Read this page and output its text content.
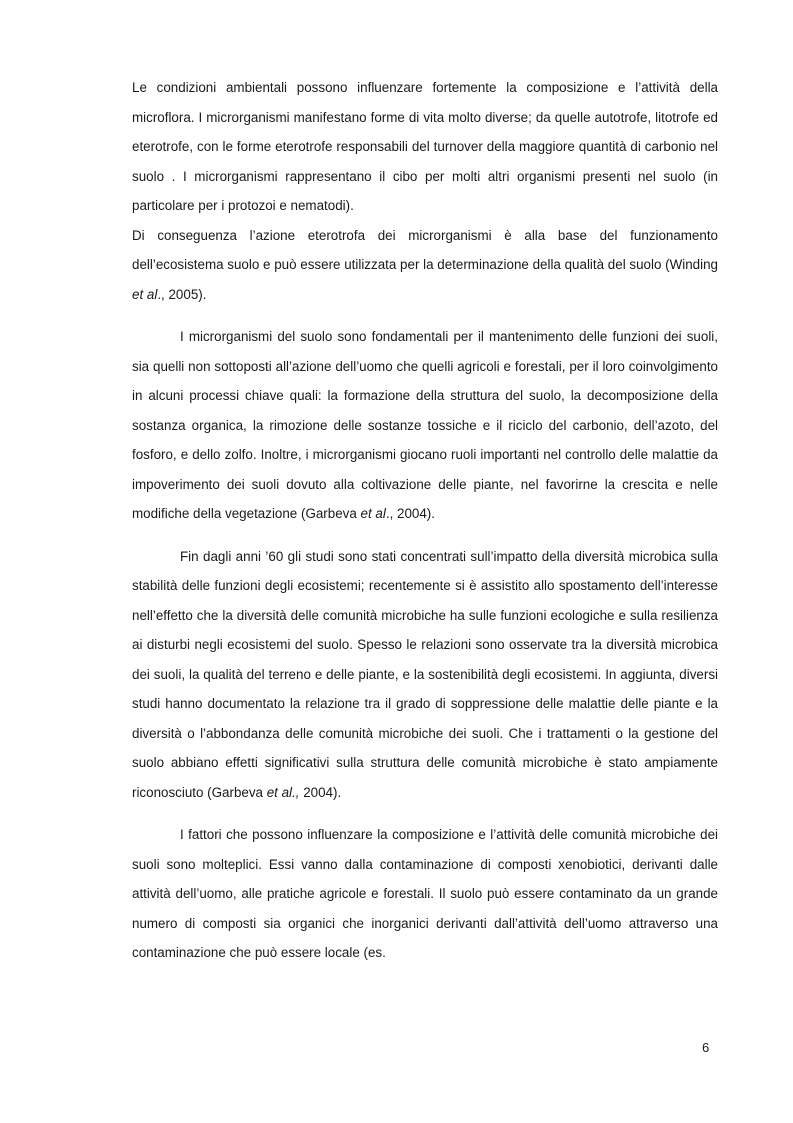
Le condizioni ambientali possono influenzare fortemente la composizione e l’attività della microflora. I microrganismi manifestano forme di vita molto diverse; da quelle autotrofe, litotrofe ed eterotrofe, con le forme eterotrofe responsabili del turnover della maggiore quantità di carbonio nel suolo . I microrganismi rappresentano il cibo per molti altri organismi presenti nel suolo (in particolare per i protozoi e nematodi).

Di conseguenza l’azione eterotrofa dei microrganismi è alla base del funzionamento dell’ecosistema suolo e può essere utilizzata per la determinazione della qualità del suolo (Winding et al., 2005).

I microrganismi del suolo sono fondamentali per il mantenimento delle funzioni dei suoli, sia quelli non sottoposti all’azione dell’uomo che quelli agricoli e forestali, per il loro coinvolgimento in alcuni processi chiave quali: la formazione della struttura del suolo, la decomposizione della sostanza organica, la rimozione delle sostanze tossiche e il riciclo del carbonio, dell’azoto, del fosforo, e dello zolfo. Inoltre, i microrganismi giocano ruoli importanti nel controllo delle malattie da impoverimento dei suoli dovuto alla coltivazione delle piante, nel favorirne la crescita e nelle modifiche della vegetazione (Garbeva et al., 2004).

Fin dagli anni ’60 gli studi sono stati concentrati sull’impatto della diversità microbica sulla stabilità delle funzioni degli ecosistemi; recentemente si è assistito allo spostamento dell’interesse nell’effetto che la diversità delle comunità microbiche ha sulle funzioni ecologiche e sulla resilienza ai disturbi negli ecosistemi del suolo. Spesso le relazioni sono osservate tra la diversità microbica dei suoli, la qualità del terreno e delle piante, e la sostenibilità degli ecosistemi. In aggiunta, diversi studi hanno documentato la relazione tra il grado di soppressione delle malattie delle piante e la diversità o l’abbondanza delle comunità microbiche dei suoli. Che i trattamenti o la gestione del suolo abbiano effetti significativi sulla struttura delle comunità microbiche è stato ampiamente riconosciuto (Garbeva et al., 2004).

I fattori che possono influenzare la composizione e l’attività delle comunità microbiche dei suoli sono molteplici. Essi vanno dalla contaminazione di composti xenobiotici, derivanti dalle attività dell’uomo, alle pratiche agricole e forestali. Il suolo può essere contaminato da un grande numero di composti sia organici che inorganici derivanti dall’attività dell’uomo attraverso una contaminazione che può essere locale (es.

6
